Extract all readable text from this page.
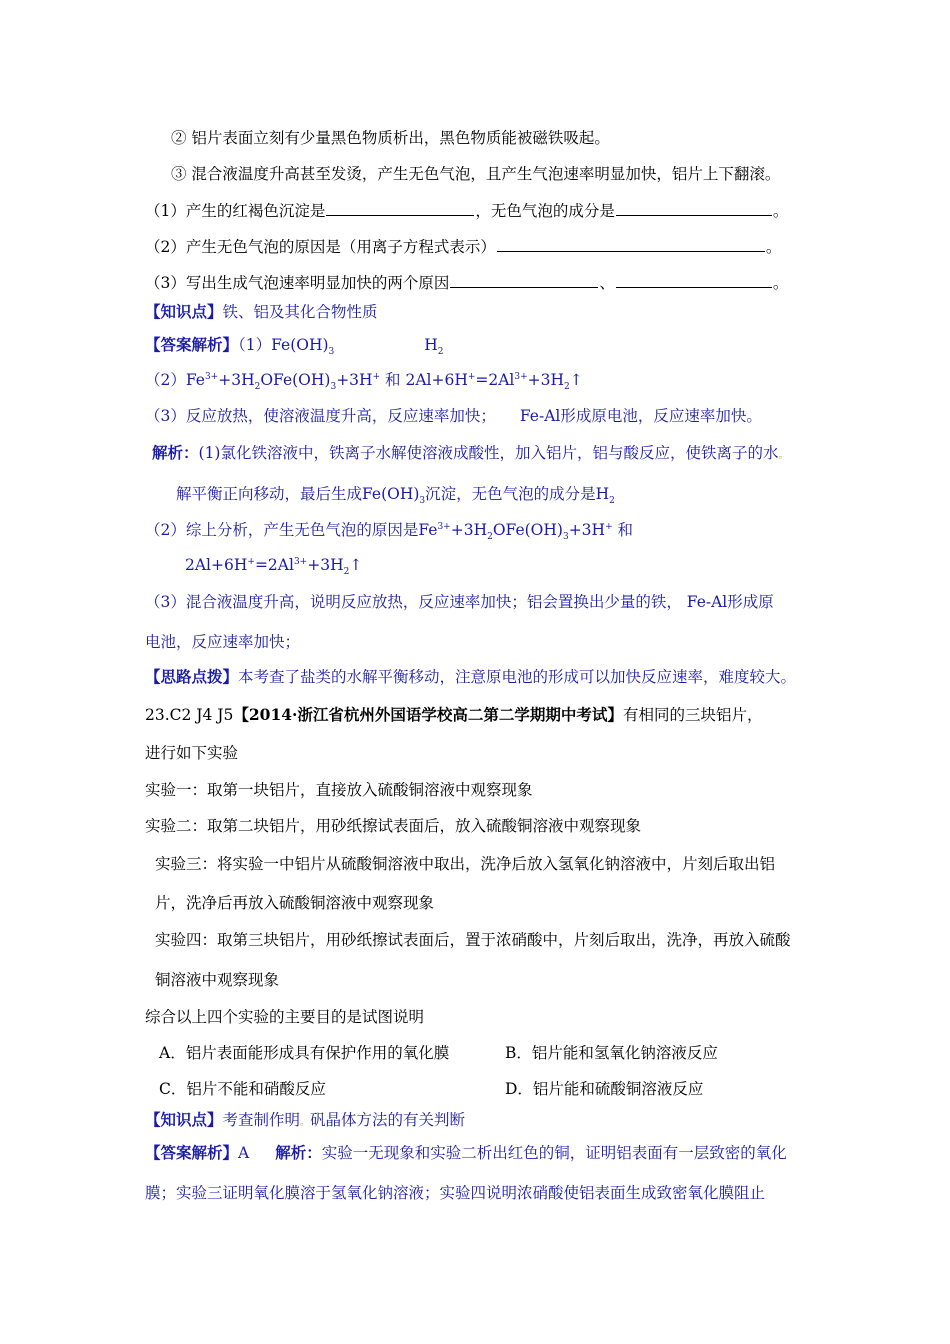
② 铝片表面立刻有少量黑色物质析出，黑色物质能被磁铁吸起。
③ 混合液温度升高甚至发烫，产生无色气泡，且产生气泡速率明显加快，铝片上下翻滚。
（1）产生的红褐色沉淀是	，无色气泡的成分是	。
（2）产生无色气泡的原因是（用离子方程式表示）	。
（3）写出生成气泡速率明显加快的两个原因	、	。
【知识点】铁、铝及其化合物性质
【答案解析】$(1)Fe(OH)_3$	$H_2$
$(2)Fe^{3+}+3H_2OFe(OH)_3+3H^+$ 和 $2Al+6H^+=2Al^{3+}+3H_2↑$
（3）反应放热，使溶液温度升高，反应速率加快； Fe-Al形成原电池，反应速率加快。
解析：(1)氯化铁溶液中，铁离子水解使溶液成酸性，加入铝片，铝与酸反应，使铁离子的水。
解平衡正向移动，最后生成$Fe(OH)_3$沉淀，无色气泡的成分是$H_2$
（2）综上分析，产生无色气泡的原因是$Fe^{3+}+3H_2OFe(OH)_3+3H^+$ 和
$2Al+6H^+=2Al^{3+}+3H_2↑$
（3）混合液温度升高，说明反应放热，反应速率加快；铝会置换出少量的铁， Fe-Al形成原
电池，反应速率加快；
【思路点拨】本考查了盐类的水解平衡移动，注意原电池的形成可以加快反应速率，难度较大。
23.C2 J4 J5【2014·浙江省杭州外国语学校高二第二学期期中考试】有相同的三块铝片，
进行如下实验
实验一：取第一块铝片，直接放入硫酸铜溶液中观察现象
实验二：取第二块铝片，用砂纸擦试表面后，放入硫酸铜溶液中观察现象
实验三：将实验一中铝片从硫酸铜溶液中取出，洗净后放入氢氧化钠溶液中，片刻后取出铝
片，洗净后再放入硫酸铜溶液中观察现象
实验四：取第三块铝片，用砂纸擦试表面后，置于浓硝酸中，片刻后取出，洗净，再放入硫酸
铜溶液中观察现象
综合以上四个实验的主要目的是试图说明
A．铝片表面能形成具有保护作用的氧化膜	B．铝片能和氢氧化钠溶液反应
C．铝片不能和硝酸反应	D．铝片能和硫酸铜溶液反应
【知识点】考查制作明。矾晶体方法的有关判断
【答案解析】A 解析：实验一无现象和实验二析出红色的铜，证明铝表面有一层致密的氧化
膜；实验三证明氧化膜溶于氢氧化钠溶液；实验四说明浓硝酸使铝表面生成致密氧化膜阻止
